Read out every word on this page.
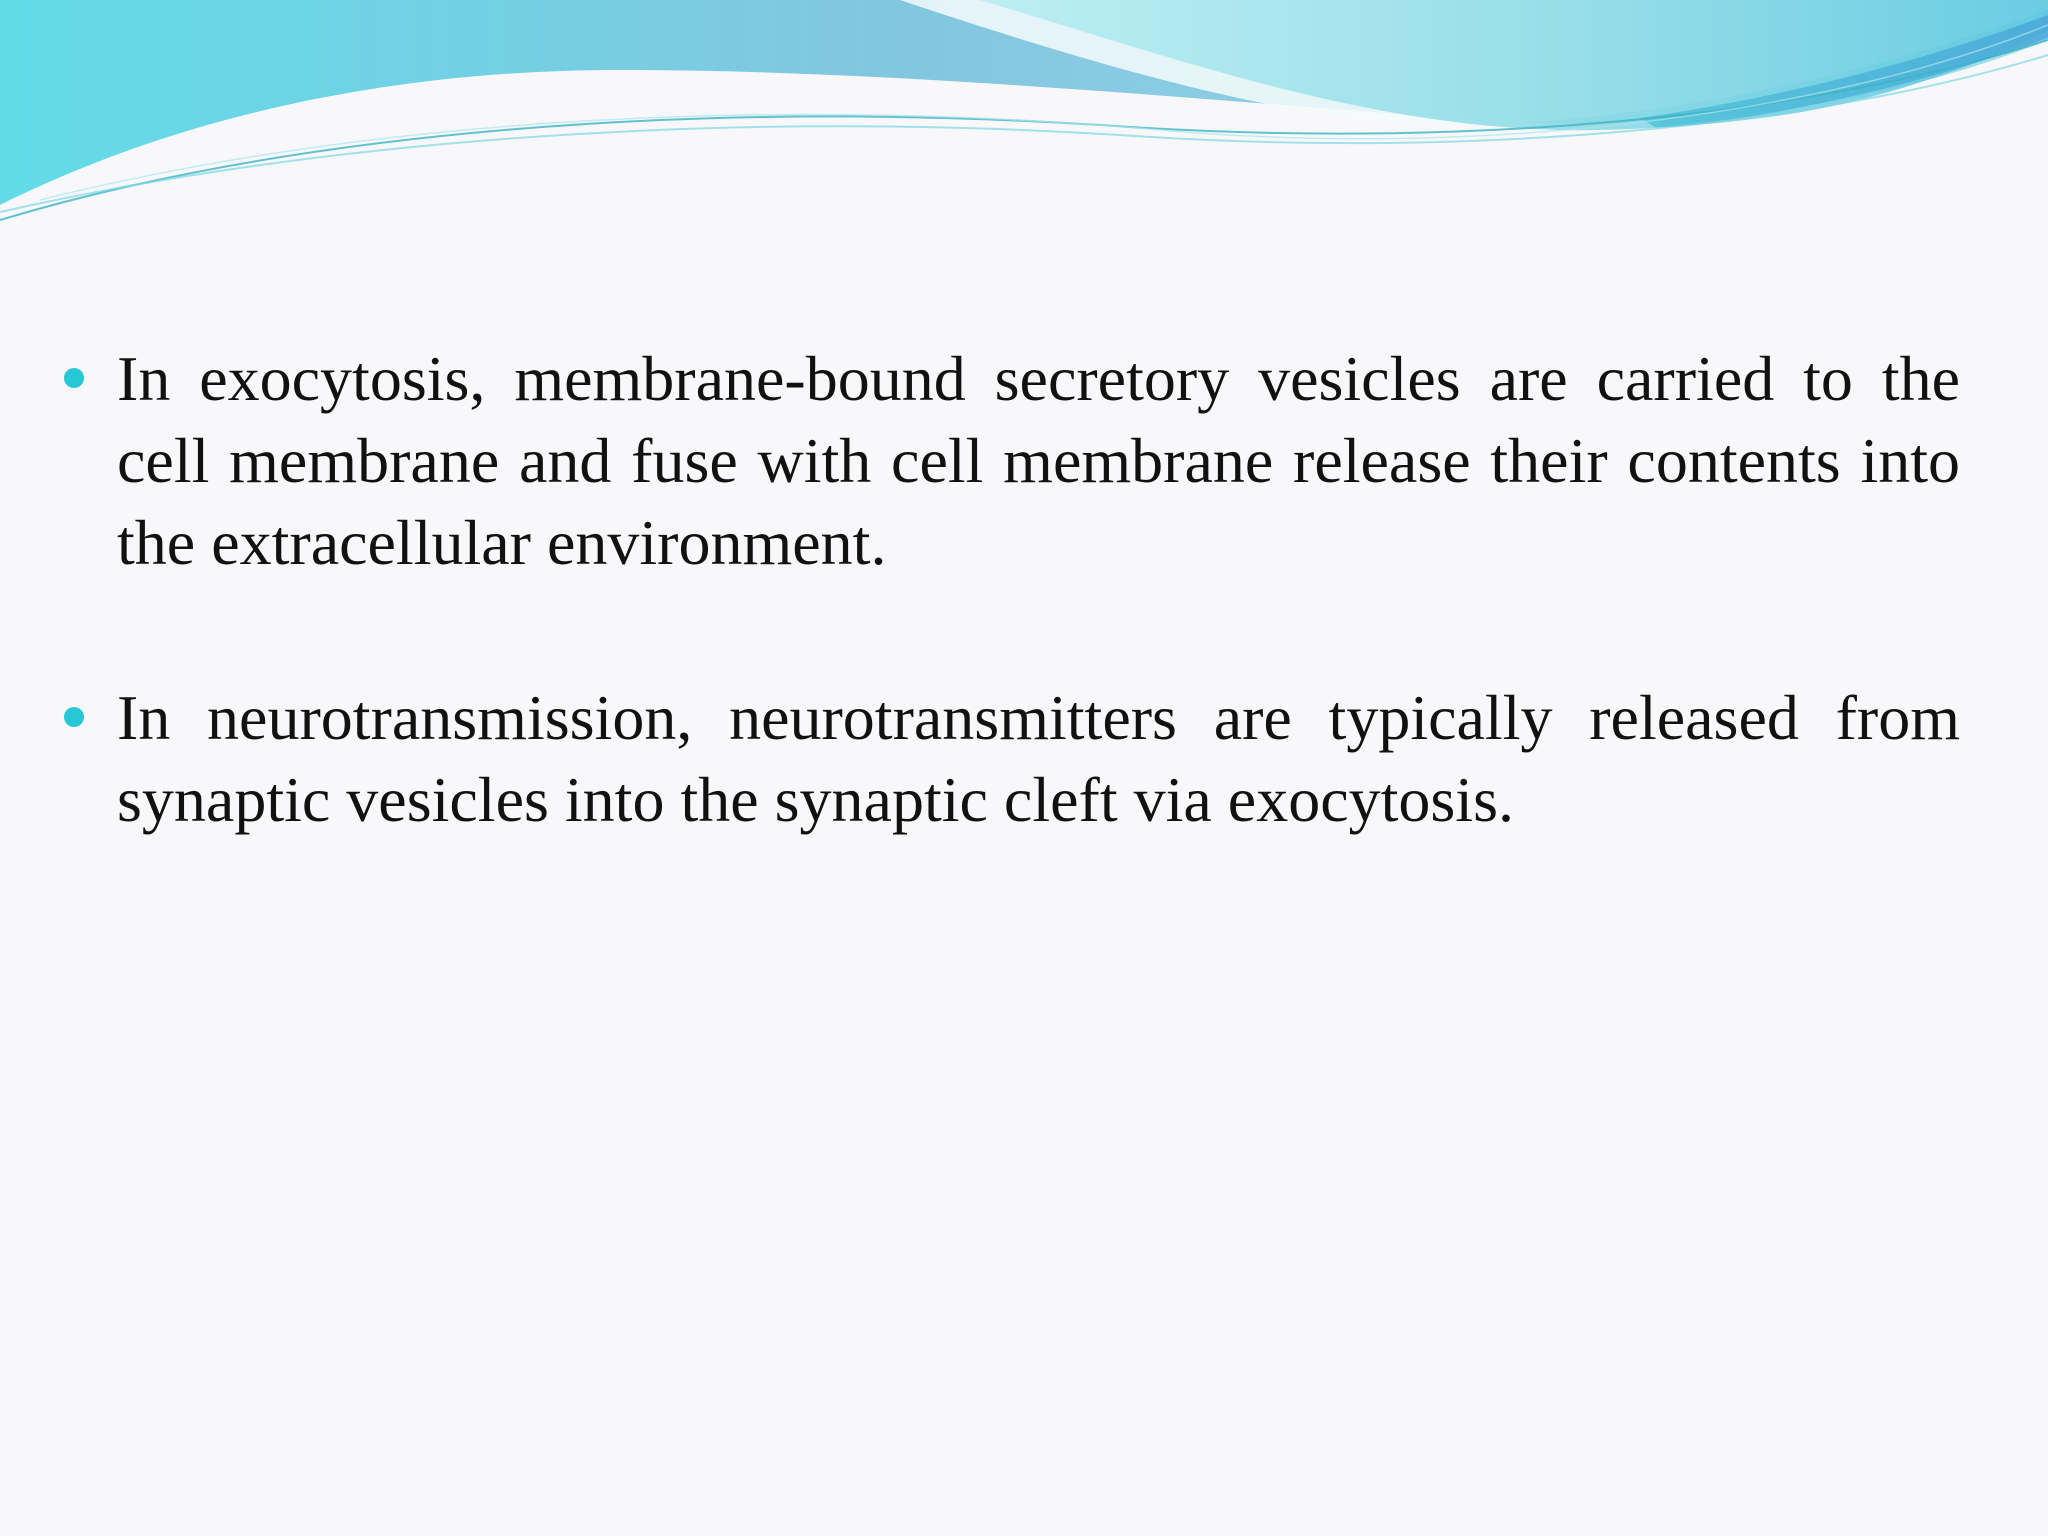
In exocytosis, membrane-bound secretory vesicles are carried to the cell membrane and fuse with cell membrane release their contents into the extracellular environment.
In neurotransmission, neurotransmitters are typically released from synaptic vesicles into the synaptic cleft via exocytosis.
